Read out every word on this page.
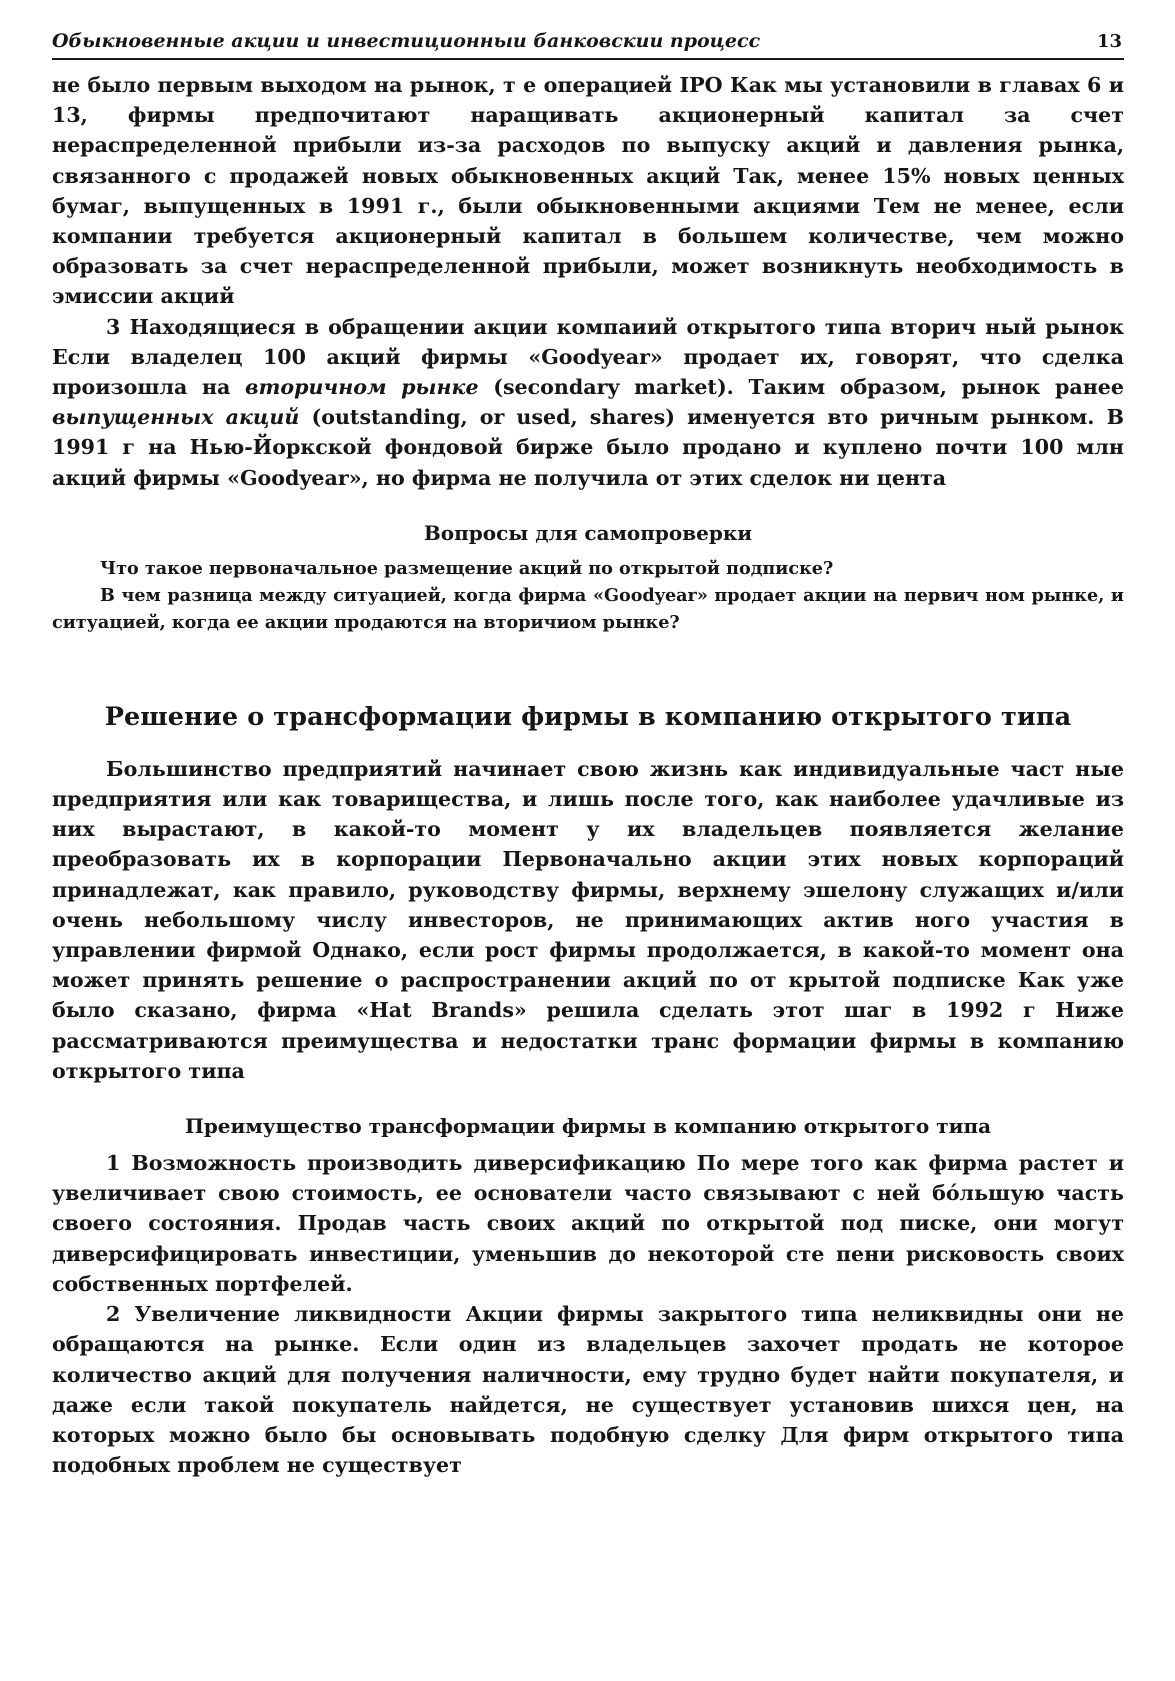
Обыкновенные акции и инвестиционныи банковскии процесс	13

не было первым выходом на рынок, т е операцией IPO Как мы установили в главах 6 и 13, фирмы предпочитают наращивать акционерный капитал за счет нераспределенной прибыли из-за расходов по выпуску акций и давления рынка, связанного с продажей новых обыкновенных акций Так, менее 15% новых ценных бумаг, выпущенных в 1991 г., были обыкновенными акциями Тем не менее, если компании требуется акционерный капитал в большем количестве, чем можно образовать за счет нераспределенной прибыли, может возникнуть необходимость в эмиссии акций

3 Находящиеся в обращении акции компаиий открытого типа вторич ный рынок Если владелец 100 акций фирмы «Goodyear» продает их, говорят, что сделка произошла на вторичном рынке (secondary market). Таким образом, рынок ранее выпущенных акций (outstanding, or used, shares) именуется вто ричным рынком. В 1991 г на Нью-Йоркской фондовой бирже было продано и куплено почти 100 млн акций фирмы «Goodyear», но фирма не получила от этих сделок ни цента

Вопросы для самопроверки

Что такое первоначальное размещение акций по открытой подписке?

В чем разница между ситуацией, когда фирма «Goodyear» продает акции на первич ном рынке, и ситуацией, когда ее акции продаются на вторичиом рынке?

Решение о трансформации фирмы в компанию открытого типа

Большинство предприятий начинает свою жизнь как индивидуальные част ные предприятия или как товарищества, и лишь после того, как наиболее удачливые из них вырастают, в какой-то момент у их владельцев появляется желание преобразовать их в корпорации Первоначально акции этих новых корпораций принадлежат, как правило, руководству фирмы, верхнему эшелону служащих и/или очень небольшому числу инвесторов, не принимающих актив ного участия в управлении фирмой Однако, если рост фирмы продолжается, в какой-то момент она может принять решение о распространении акций по от крытой подписке Как уже было сказано, фирма «Hat Brands» решила сделать этот шаг в 1992 г Ниже рассматриваются преимущества и недостатки транс формации фирмы в компанию открытого типа

Преимущество трансформации фирмы в компанию открытого типа

1 Возможность производить диверсификацию По мере того как фирма растет и увеличивает свою стоимость, ее основатели часто связывают с ней бóльшую часть своего состояния. Продав часть своих акций по открытой под писке, они могут диверсифицировать инвестиции, уменьшив до некоторой сте пени рисковость своих собственных портфелей.

2 Увеличение ликвидности Акции фирмы закрытого типа неликвидны они не обращаются на рынке. Если один из владельцев захочет продать не которое количество акций для получения наличности, ему трудно будет найти покупателя, и даже если такой покупатель найдется, не существует установив шихся цен, на которых можно было бы основывать подобную сделку Для фирм открытого типа подобных проблем не существует
